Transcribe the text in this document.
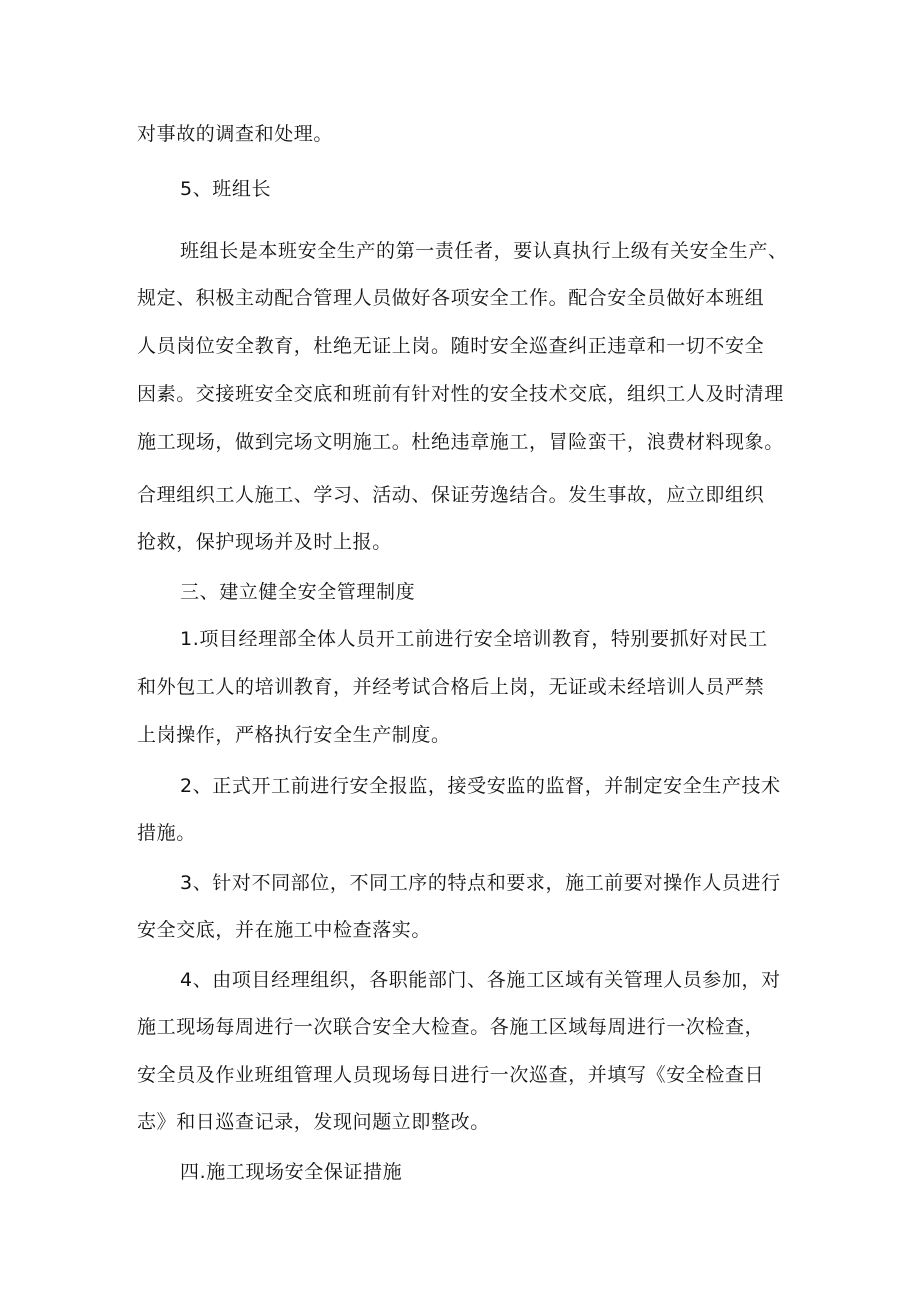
对事故的调查和处理。
5、班组长
班组长是本班安全生产的第一责任者，要认真执行上级有关安全生产、
规定、积极主动配合管理人员做好各项安全工作。配合安全员做好本班组
人员岗位安全教育，杜绝无证上岗。随时安全巡查纠正违章和一切不安全
因素。交接班安全交底和班前有针对性的安全技术交底，组织工人及时清理
施工现场，做到完场文明施工。杜绝违章施工，冒险蛮干，浪费材料现象。
合理组织工人施工、学习、活动、保证劳逸结合。发生事故，应立即组织
抢救，保护现场并及时上报。
三、建立健全安全管理制度
1.项目经理部全体人员开工前进行安全培训教育，特别要抓好对民工
和外包工人的培训教育，并经考试合格后上岗，无证或未经培训人员严禁
上岗操作，严格执行安全生产制度。
2、正式开工前进行安全报监，接受安监的监督，并制定安全生产技术
措施。
3、针对不同部位，不同工序的特点和要求，施工前要对操作人员进行
安全交底，并在施工中检查落实。
4、由项目经理组织，各职能部门、各施工区域有关管理人员参加，对
施工现场每周进行一次联合安全大检查。各施工区域每周进行一次检查，
安全员及作业班组管理人员现场每日进行一次巡查，并填写《安全检查日
志》和日巡查记录，发现问题立即整改。
四.施工现场安全保证措施
